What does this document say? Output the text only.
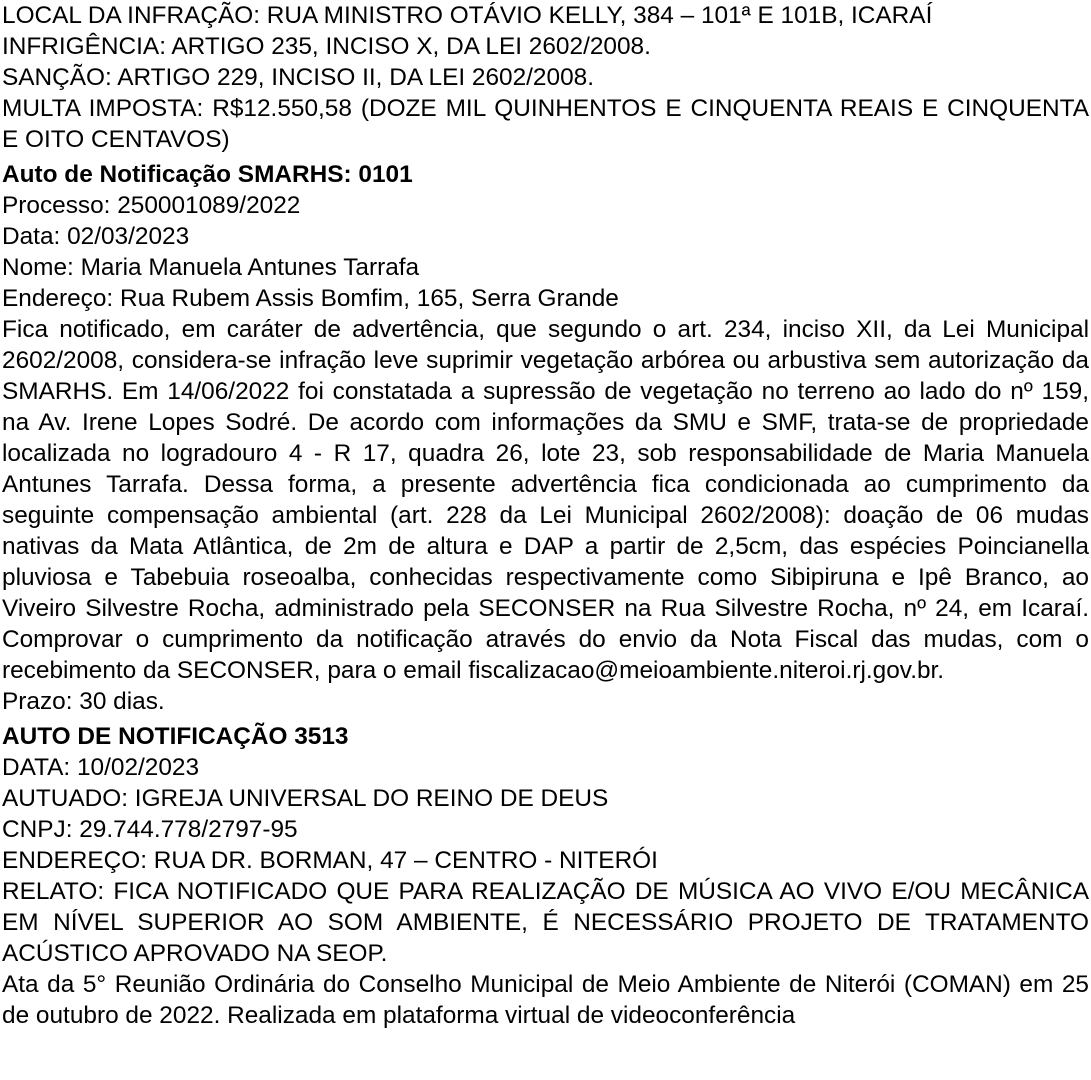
LOCAL DA INFRAÇÃO: RUA MINISTRO OTÁVIO KELLY, 384 – 101ª E 101B, ICARAÍ

INFRIGÊNCIA: ARTIGO 235, INCISO X, DA LEI 2602/2008.

SANÇÃO: ARTIGO 229, INCISO II, DA LEI 2602/2008.

MULTA IMPOSTA: R$12.550,58 (DOZE MIL QUINHENTOS E CINQUENTA REAIS E CINQUENTA E OITO CENTAVOS)

Auto de Notificação SMARHS: 0101

Processo: 250001089/2022

Data: 02/03/2023

Nome: Maria Manuela Antunes Tarrafa

Endereço: Rua Rubem Assis Bomfim, 165, Serra Grande

Fica notificado, em caráter de advertência, que segundo o art. 234, inciso XII, da Lei Municipal 2602/2008, considera-se infração leve suprimir vegetação arbórea ou arbustiva sem autorização da SMARHS. Em 14/06/2022 foi constatada a supressão de vegetação no terreno ao lado do nº 159, na Av. Irene Lopes Sodré. De acordo com informações da SMU e SMF, trata-se de propriedade localizada no logradouro 4 - R 17, quadra 26, lote 23, sob responsabilidade de Maria Manuela Antunes Tarrafa. Dessa forma, a presente advertência fica condicionada ao cumprimento da seguinte compensação ambiental (art. 228 da Lei Municipal 2602/2008): doação de 06 mudas nativas da Mata Atlântica, de 2m de altura e DAP a partir de 2,5cm, das espécies Poincianella pluviosa e Tabebuia roseoalba, conhecidas respectivamente como Sibipiruna e Ipê Branco, ao Viveiro Silvestre Rocha, administrado pela SECONSER na Rua Silvestre Rocha, nº 24, em Icaraí. Comprovar o cumprimento da notificação através do envio da Nota Fiscal das mudas, com o recebimento da SECONSER, para o email fiscalizacao@meioambiente.niteroi.rj.gov.br.

Prazo: 30 dias.

AUTO DE NOTIFICAÇÃO 3513

DATA: 10/02/2023

AUTUADO: IGREJA UNIVERSAL DO REINO DE DEUS

CNPJ: 29.744.778/2797-95

ENDEREÇO: RUA DR. BORMAN, 47 – CENTRO - NITERÓI

RELATO: FICA NOTIFICADO QUE PARA REALIZAÇÃO DE MÚSICA AO VIVO E/OU MECÂNICA EM NÍVEL SUPERIOR AO SOM AMBIENTE, É NECESSÁRIO PROJETO DE TRATAMENTO ACÚSTICO APROVADO NA SEOP.

Ata da 5° Reunião Ordinária do Conselho Municipal de Meio Ambiente de Niterói (COMAN) em 25 de outubro de 2022. Realizada em plataforma virtual de videoconferência
